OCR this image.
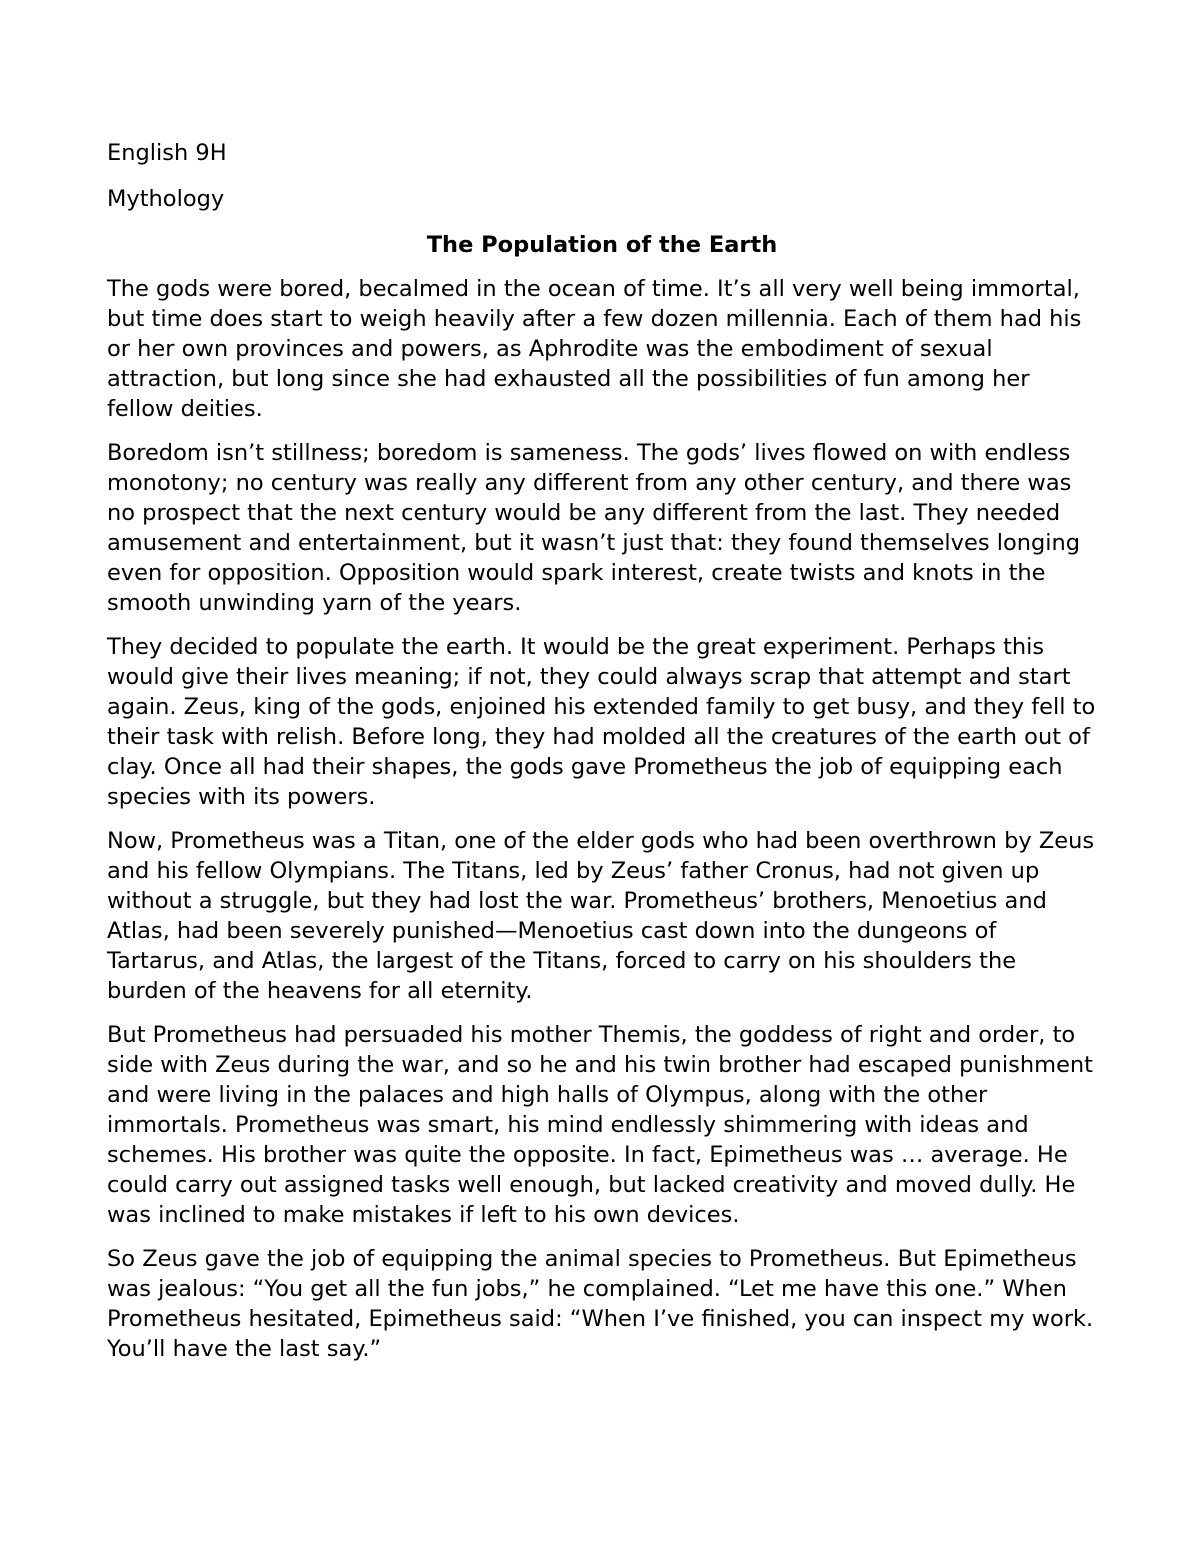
English 9H

Mythology

The Population of the Earth

The gods were bored, becalmed in the ocean of time. It’s all very well being immortal, but time does start to weigh heavily after a few dozen millennia. Each of them had his or her own provinces and powers, as Aphrodite was the embodiment of sexual attraction, but long since she had exhausted all the possibilities of fun among her fellow deities.

Boredom isn’t stillness; boredom is sameness. The gods’ lives flowed on with endless monotony; no century was really any different from any other century, and there was no prospect that the next century would be any different from the last. They needed amusement and entertainment, but it wasn’t just that: they found themselves longing even for opposition. Opposition would spark interest, create twists and knots in the smooth unwinding yarn of the years.

They decided to populate the earth. It would be the great experiment. Perhaps this would give their lives meaning; if not, they could always scrap that attempt and start again. Zeus, king of the gods, enjoined his extended family to get busy, and they fell to their task with relish. Before long, they had molded all the creatures of the earth out of clay. Once all had their shapes, the gods gave Prometheus the job of equipping each species with its powers.

Now, Prometheus was a Titan, one of the elder gods who had been overthrown by Zeus and his fellow Olympians. The Titans, led by Zeus’ father Cronus, had not given up without a struggle, but they had lost the war. Prometheus’ brothers, Menoetius and Atlas, had been severely punished—Menoetius cast down into the dungeons of Tartarus, and Atlas, the largest of the Titans, forced to carry on his shoulders the burden of the heavens for all eternity.

But Prometheus had persuaded his mother Themis, the goddess of right and order, to side with Zeus during the war, and so he and his twin brother had escaped punishment and were living in the palaces and high halls of Olympus, along with the other immortals. Prometheus was smart, his mind endlessly shimmering with ideas and schemes. His brother was quite the opposite. In fact, Epimetheus was … average. He could carry out assigned tasks well enough, but lacked creativity and moved dully. He was inclined to make mistakes if left to his own devices.

So Zeus gave the job of equipping the animal species to Prometheus. But Epimetheus was jealous: “You get all the fun jobs,” he complained. “Let me have this one.” When Prometheus hesitated, Epimetheus said: “When I’ve finished, you can inspect my work. You’ll have the last say.”
